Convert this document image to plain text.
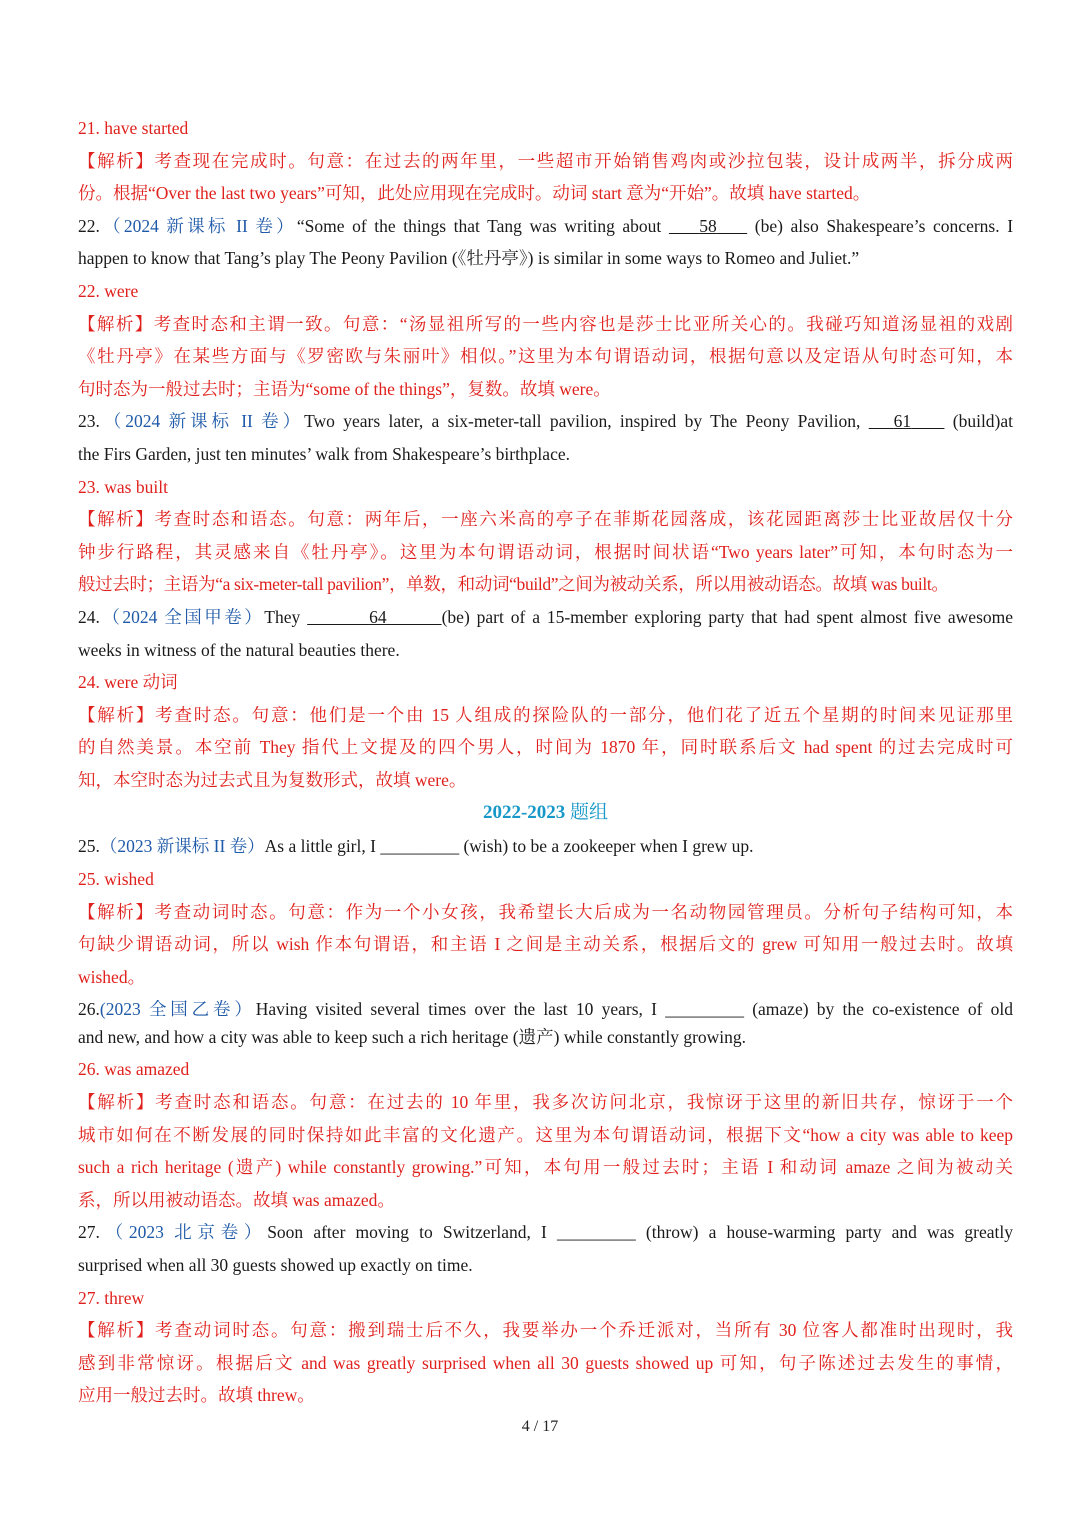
21. have started
【解析】考查现在完成时。句意：在过去的两年里，一些超市开始销售鸡肉或沙拉包装，设计成两半，拆分成两
份。根据“Over the last two years”可知，此处应用现在完成时。动词 start 意为“开始”。故填 have started。
22.（2024 新课标 II 卷）“Some of the things that Tang was writing about     58     (be) also Shakespeare’s concerns. I
happen to know that Tang’s play The Peony Pavilion (《牡丹亭》) is similar in some ways to Romeo and Juliet.”
22. were
【解析】考查时态和主谓一致。句意：“汤显祖所写的一些内容也是莎士比亚所关心的。我碰巧知道汤显祖的戏剧
《牡丹亭》在某些方面与《罗密欧与朱丽叶》相似。”这里为本句谓语动词，根据句意以及定语从句时态可知，本
句时态为一般过去时；主语为“some of the things”，复数。故填 were。
23.（2024 新课标 II 卷）Two years later, a six-meter-tall pavilion, inspired by The Peony Pavilion,    61     (build)at
the Firs Garden, just ten minutes’ walk from Shakespeare’s birthplace.
23. was built
【解析】考查时态和语态。句意：两年后，一座六米高的亭子在菲斯花园落成，该花园距离莎士比亚故居仅十分
钟步行路程，其灵感来自《牡丹亭》。这里为本句谓语动词，根据时间状语“Two years later”可知，本句时态为一
般过去时；主语为“a six-meter-tall pavilion”，单数，和动词“build”之间为被动关系，所以用被动语态。故填 was built。
24.（2024 全国甲卷）They	64	(be) part of a 15-member exploring party that had spent almost five awesome
weeks in witness of the natural beauties there.
24. were 动词
【解析】考查时态。句意：他们是一个由 15 人组成的探险队的一部分，他们花了近五个星期的时间来见证那里
的自然美景。本空前 They 指代上文提及的四个男人，时间为 1870 年，同时联系后文 had spent 的过去完成时可
知，本空时态为过去式且为复数形式，故填 were。
2022-2023 题组
25.（2023 新课标 II 卷）As a little girl, I _________ (wish) to be a zookeeper when I grew up.
25. wished
【解析】考查动词时态。句意：作为一个小女孩，我希望长大后成为一名动物园管理员。分析句子结构可知，本
句缺少谓语动词，所以 wish 作本句谓语，和主语 I 之间是主动关系，根据后文的 grew 可知用一般过去时。故填
wished。
26.(2023 全国乙卷）Having visited several times over the last 10 years, I _________ (amaze) by the co-existence of old
and new, and how a city was able to keep such a rich heritage (遗产) while constantly growing.
26. was amazed
【解析】考查时态和语态。句意：在过去的 10 年里，我多次访问北京，我惊讶于这里的新旧共存，惊讶于一个
城市如何在不断发展的同时保持如此丰富的文化遗产。这里为本句谓语动词，根据下文“how a city was able to keep
such a rich heritage (遗产) while constantly growing.”可知，本句用一般过去时；主语 I 和动词 amaze 之间为被动关
系，所以用被动语态。故填 was amazed。
27.（2023 北京卷）Soon after moving to Switzerland, I _________ (throw) a house-warming party and was greatly
surprised when all 30 guests showed up exactly on time.
27. threw
【解析】考查动词时态。句意：搬到瑞士后不久，我要举办一个乔迁派对，当所有 30 位客人都准时出现时，我
感到非常惊讶。根据后文 and was greatly surprised when all 30 guests showed up 可知，句子陈述过去发生的事情，
应用一般过去时。故填 threw。
4 / 17
